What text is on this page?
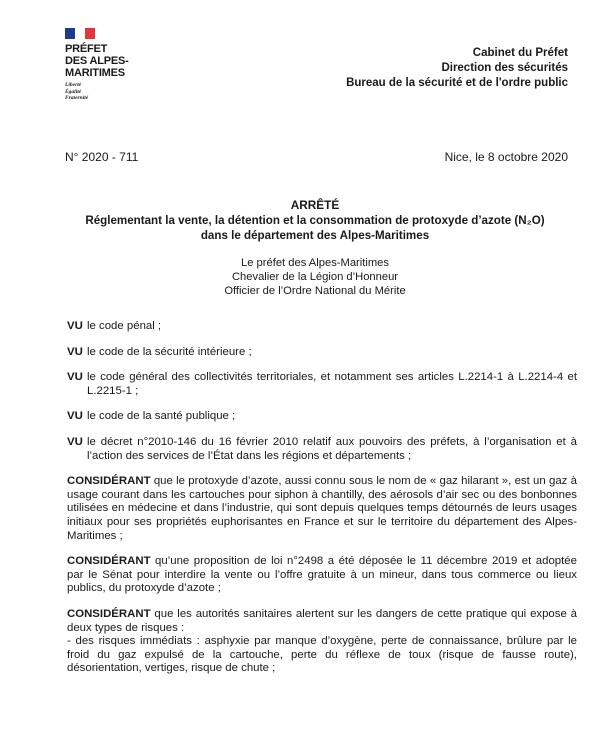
PRÉFET
DES ALPES-
MARITIMES
Liberté
Égalité
Fraternité
Cabinet du Préfet
Direction des sécurités
Bureau de la sécurité et de l'ordre public
N° 2020 - 711	Nice, le 8 octobre 2020
ARRÊTÉ
Réglementant la vente, la détention et la consommation de protoxyde d’azote (N₂O)
dans le département des Alpes-Maritimes
Le préfet des Alpes-Maritimes
Chevalier de la Légion d’Honneur
Officier de l’Ordre National du Mérite
VU le code pénal ;
VU le code de la sécurité intérieure ;
VU le code général des collectivités territoriales, et notamment ses articles L.2214-1 à L.2214-4 et L.2215-1 ;
VU le code de la santé publique ;
VU le décret n°2010-146 du 16 février 2010 relatif aux pouvoirs des préfets, à l’organisation et à l’action des services de l’État dans les régions et départements ;
CONSIDÉRANT que le protoxyde d’azote, aussi connu sous le nom de « gaz hilarant », est un gaz à usage courant dans les cartouches pour siphon à chantilly, des aérosols d’air sec ou des bonbonnes utilisées en médecine et dans l’industrie, qui sont depuis quelques temps détournés de leurs usages initiaux pour ses propriétés euphorisantes en France et sur le territoire du département des Alpes-Maritimes ;
CONSIDÉRANT qu’une proposition de loi n°2498 a été déposée le 11 décembre 2019 et adoptée par le Sénat pour interdire la vente ou l’offre gratuite à un mineur, dans tous commerce ou lieux publics, du protoxyde d’azote ;
CONSIDÉRANT que les autorités sanitaires alertent sur les dangers de cette pratique qui expose à deux types de risques :
- des risques immédiats : asphyxie par manque d’oxygène, perte de connaissance, brûlure par le froid du gaz expulsé de la cartouche, perte du réflexe de toux (risque de fausse route), désorientation, vertiges, risque de chute ;
